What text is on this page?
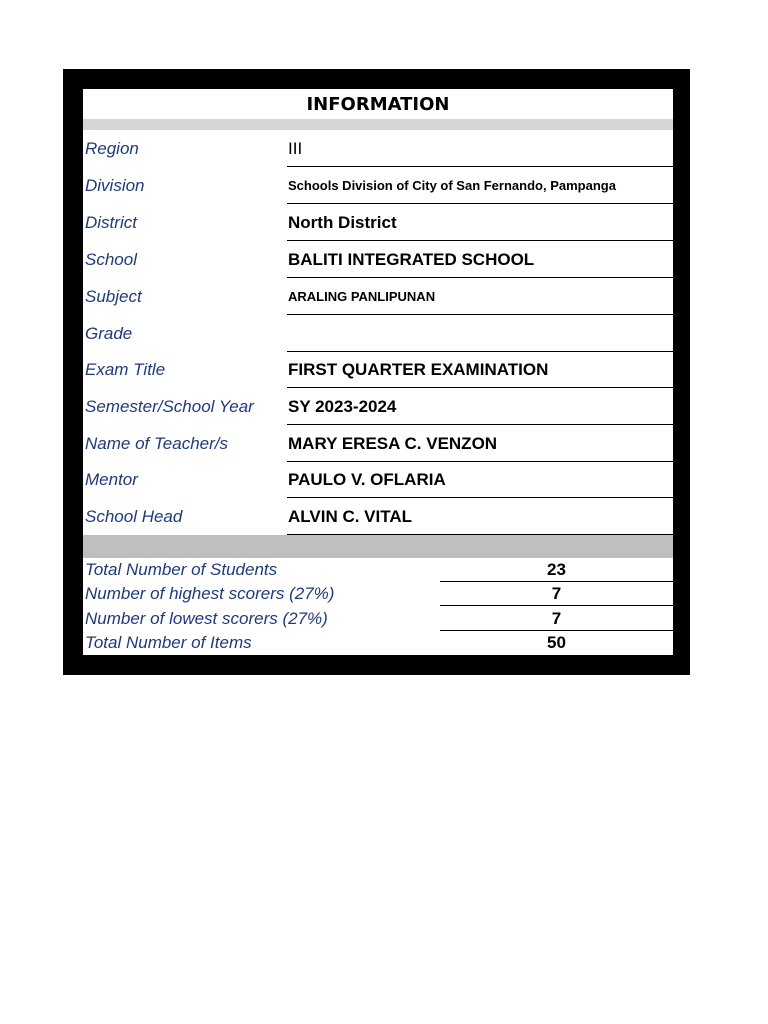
INFORMATION
Region	III
Division	Schools Division of City of San Fernando, Pampanga
District	North District
School	BALITI INTEGRATED SCHOOL
Subject	ARALING PANLIPUNAN
Grade
Exam Title	FIRST QUARTER EXAMINATION
Semester/School Year SY 2023-2024
Name of Teacher/s	MARY ERESA C. VENZON
Mentor	PAULO V. OFLARIA
School Head	ALVIN C. VITAL
Total Number of Students	23
Number of highest scorers (27%)	7
Number of lowest scorers (27%)	7
Total Number of Items	50
